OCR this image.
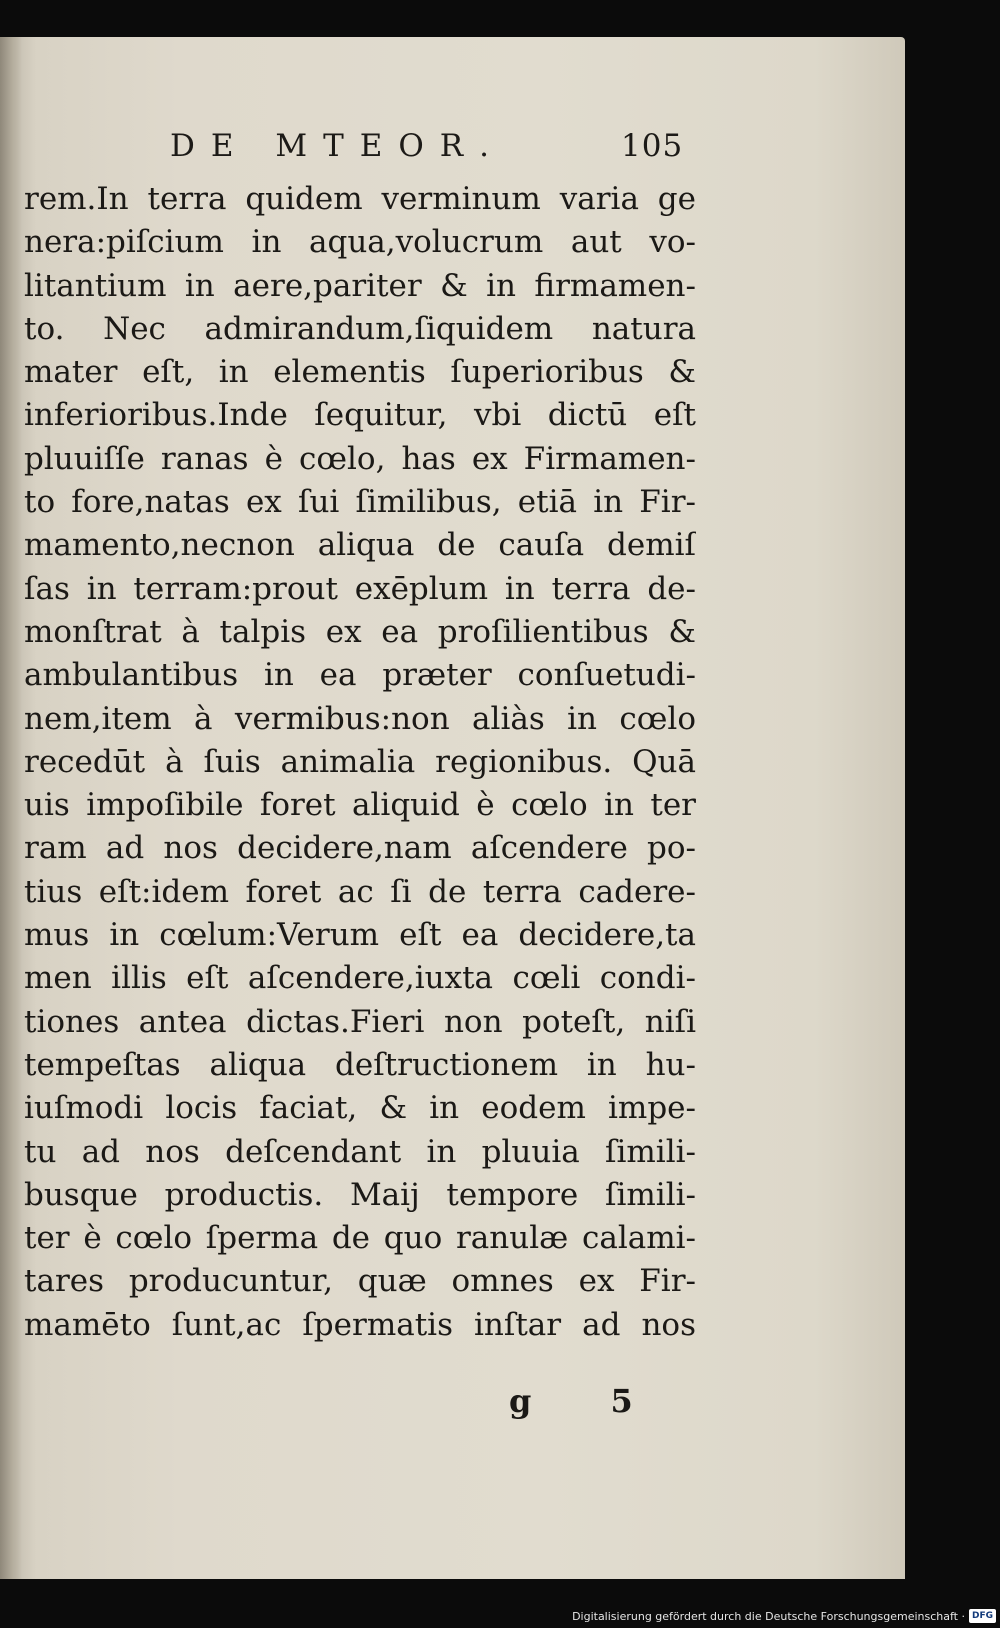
DE MTEOR.	105
rem.In terra quidem verminum varia ge
nera:piſcium in aqua,volucrum aut vo-
litantium in aere,pariter & in firmamen-
to. Nec admirandum,ſiquidem natura
mater eſt, in elementis ſuperioribus &
inferioribus.Inde ſequitur, vbi dictū eſt
pluuiſſe ranas è cœlo, has ex Firmamen-
to fore,natas ex ſui ſimilibus, etiā in Fir-
mamento,necnon aliqua de cauſa demiſ
ſas in terram:prout exēplum in terra de-
monſtrat à talpis ex ea proſilientibus &
ambulantibus in ea præter conſuetudi-
nem,item à vermibus:non aliàs in cœlo
recedūt à ſuis animalia regionibus. Quā
uis impoſibile foret aliquid è cœlo in ter
ram ad nos decidere,nam aſcendere po-
tius eſt:idem foret ac ſi de terra cadere-
mus in cœlum:Verum eſt ea decidere,ta
men illis eſt aſcendere,iuxta cœli condi-
tiones antea dictas.Fieri non poteſt, niſi
tempeſtas aliqua deſtructionem in hu-
iuſmodi locis faciat, & in eodem impe-
tu ad nos deſcendant in pluuia ſimili-
busque productis. Maij tempore ſimili-
ter è cœlo ſperma de quo ranulæ calami-
tares producuntur, quæ omnes ex Fir-
mamēto ſunt,ac ſpermatis inſtar ad nos
g 5
Digitalisierung gefördert durch die Deutsche Forschungsgemeinschaft · DFG
